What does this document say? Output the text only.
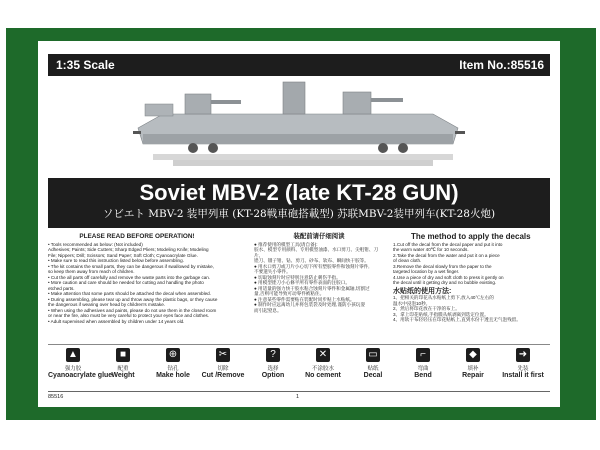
1:35 Scale	Item No.:85516
Soviet MBV-2 (late KT-28 GUN)
ソビエト MBV-2 装甲列車 (KT-28戦車砲搭載型) 苏联MBV-2装甲列车(KT-28火炮)
PLEASE READ BEFORE OPERATION!

• Tools recommended as below: (Not included)

Adhesives; Paints; Side Cutters; Sharp Edged Pliers; Modeling Knife; Modeling

File; Nippers; Drill; Scissors; Sand Paper; Soft Cloth; Cyanoacrylate Glue.

• Make sure to read this instruction listed below before assembling.

• The kit contains the small parts, they can be dangerous if swallowed by mistake,

so keep them away from reach of children.

• Cut the all parts off carefully and remove the waste parts into the garbage can.

• More caution and care should be needed for cutting and handling the photo

etched parts.

• Make attention that some parts should be attached the decal when assembled.

• During assembling, please tear up and throw away the plastic bags, or they cause

the dangerous if wearing over head by children's mistake.

• When using the adhesives and paints, please do not use them in the closed room

or near the fire, also must be very careful to protect your eyes face and clothes.

• Adult supervised when assembled by children under 14 years old.

装配前请仔细阅读

● 推荐使用的模型工具(请自备):

胶水、模型专用颜料、专用模型油漆、水口剪刀、尖咀钳、刀片、

锉刀、镊子钳、钻、剪刀、砂布、软布、瞬间快干胶等。

● 用水口剪刀或刀片小心切下所有塑胶零件和蚀刻片零件,

不要遗失小零件。

● 切取蚀刻片时应特别注意防止刺伤手指。

● 用模型锉刀小心修平所有零件表面的注胶口。

● 用适量的强力快干胶水粘合蚀刻片零件和金属轴,切割过

量,否则可能导致可动零件被粘住。

● 注意某些零件需要贴在装配时同步贴上水贴纸。

● 制作时应远离幼儿并将包装袋及时处理,谨防小孩玩耍

而引起窒息。

The method to apply the decals

1.Cut off the decal from the decal paper and put it into

the warm water 40℃ for 10 seconds.

2.Take the decal from the water and put it on a piece

of clean cloth.

3.Remove the decal slowly from the paper to the

targeted location by a wet finger.

4.Use a piece of dry and soft cloth to press it gently on

the decal until it getting dry and no bubble existing.

水贴纸的使用方法:

1、把相关的印花从水贴纸上剪下,放入40℃左右的

温水中浸泡10秒。

2、然后将印花放在干净的布上。

3、拿上印花贴纸,手指膜从纸剥离到选定位置。

4、用软干布轻轻压在印花贴纸上,直到水份干透且无气泡残留。

▲
强力胶
Cyanoacrylate glue
■
配重
Weight
⊕
钻孔
Make hole
✂
切除
Cut /Remove
?
选择
Option
✕
不涂胶水
No cement
▭
贴纸
Decal
⌐
弯曲
Bend
◆
填补
Repair
➜
先装
Install it first
85516	1
